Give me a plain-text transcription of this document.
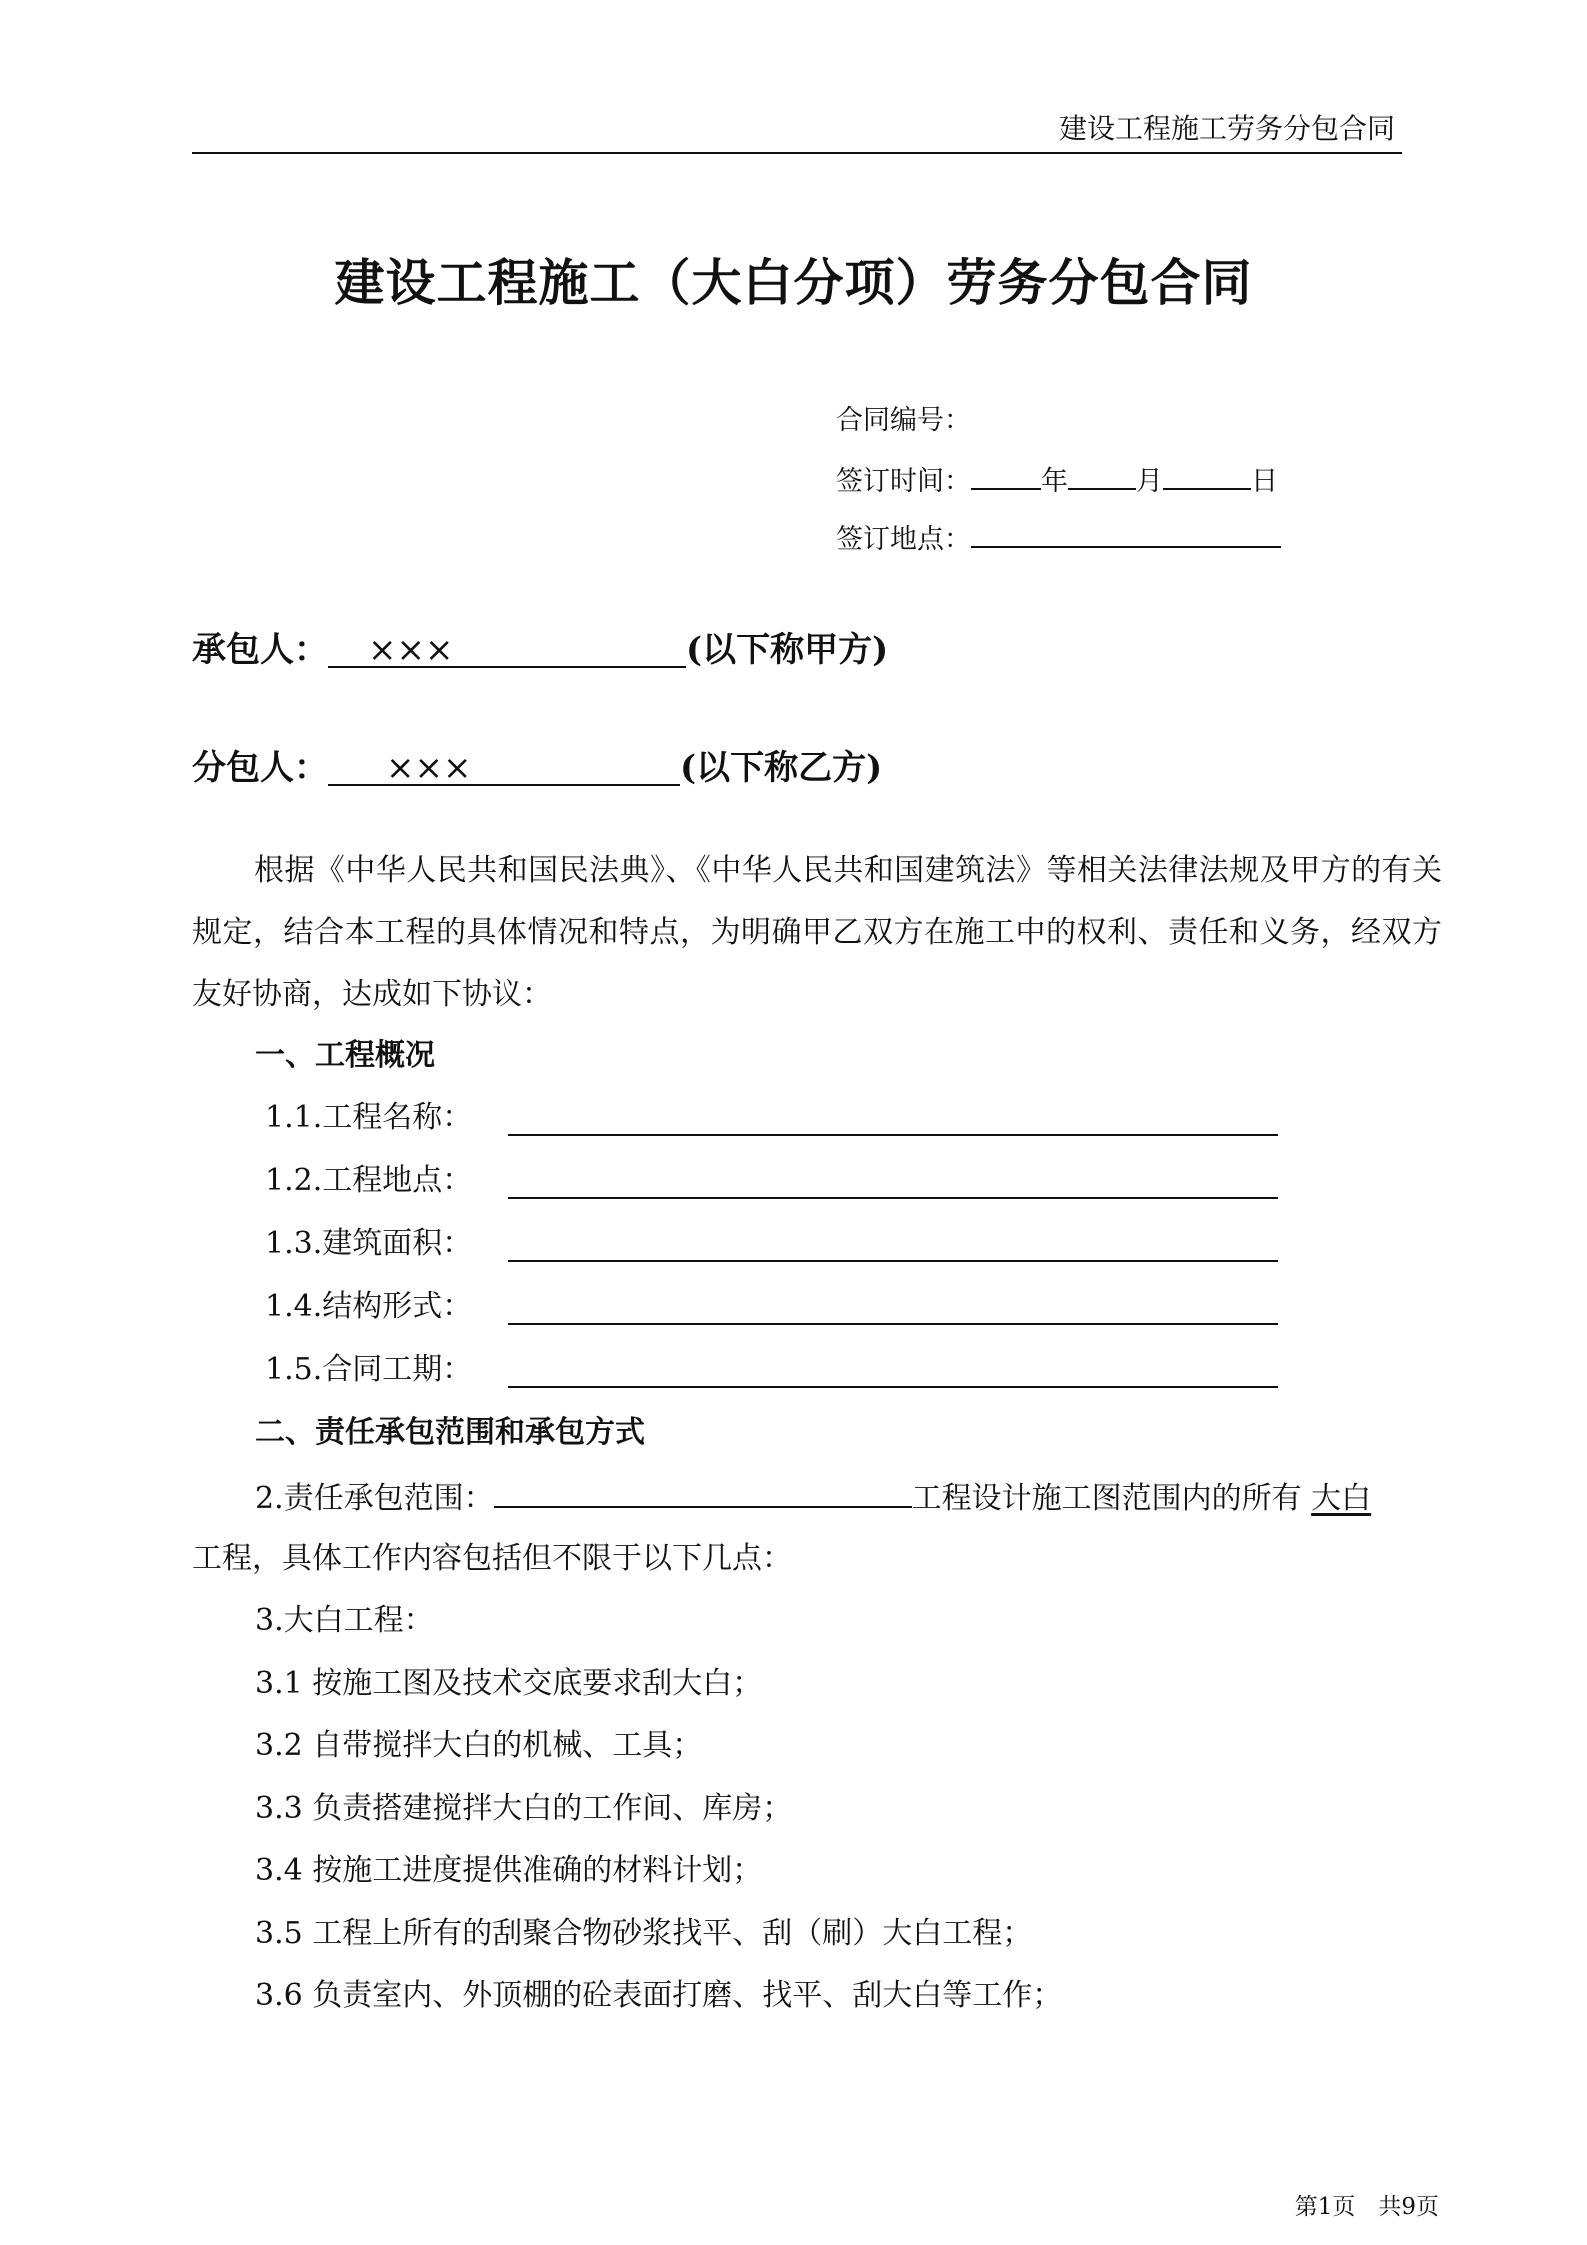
建设工程施工劳务分包合同
建设工程施工（大白分项）劳务分包合同
合同编号：
签订时间：	年	月	日
签订地点：
承包人： ×××	(以下称甲方)
分包人： ×××	(以下称乙方)
根据《中华人民共和国民法典》、《中华人民共和国建筑法》等相关法律法规及甲方的有关规定，结合本工程的具体情况和特点，为明确甲乙双方在施工中的权利、责任和义务，经双方友好协商，达成如下协议：
一、工程概况
1.1.工程名称：
1.2.工程地点：
1.3.建筑面积：
1.4.结构形式：
1.5.合同工期：
二、责任承包范围和承包方式
2.责任承包范围：	工程设计施工图范围内的所有 大白
工程，具体工作内容包括但不限于以下几点：
3.大白工程：
3.1 按施工图及技术交底要求刮大白；
3.2 自带搅拌大白的机械、工具；
3.3 负责搭建搅拌大白的工作间、库房；
3.4 按施工进度提供准确的材料计划；
3.5 工程上所有的刮聚合物砂浆找平、刮（刷）大白工程；
3.6 负责室内、外顶棚的砼表面打磨、找平、刮大白等工作；
第1页　共9页
